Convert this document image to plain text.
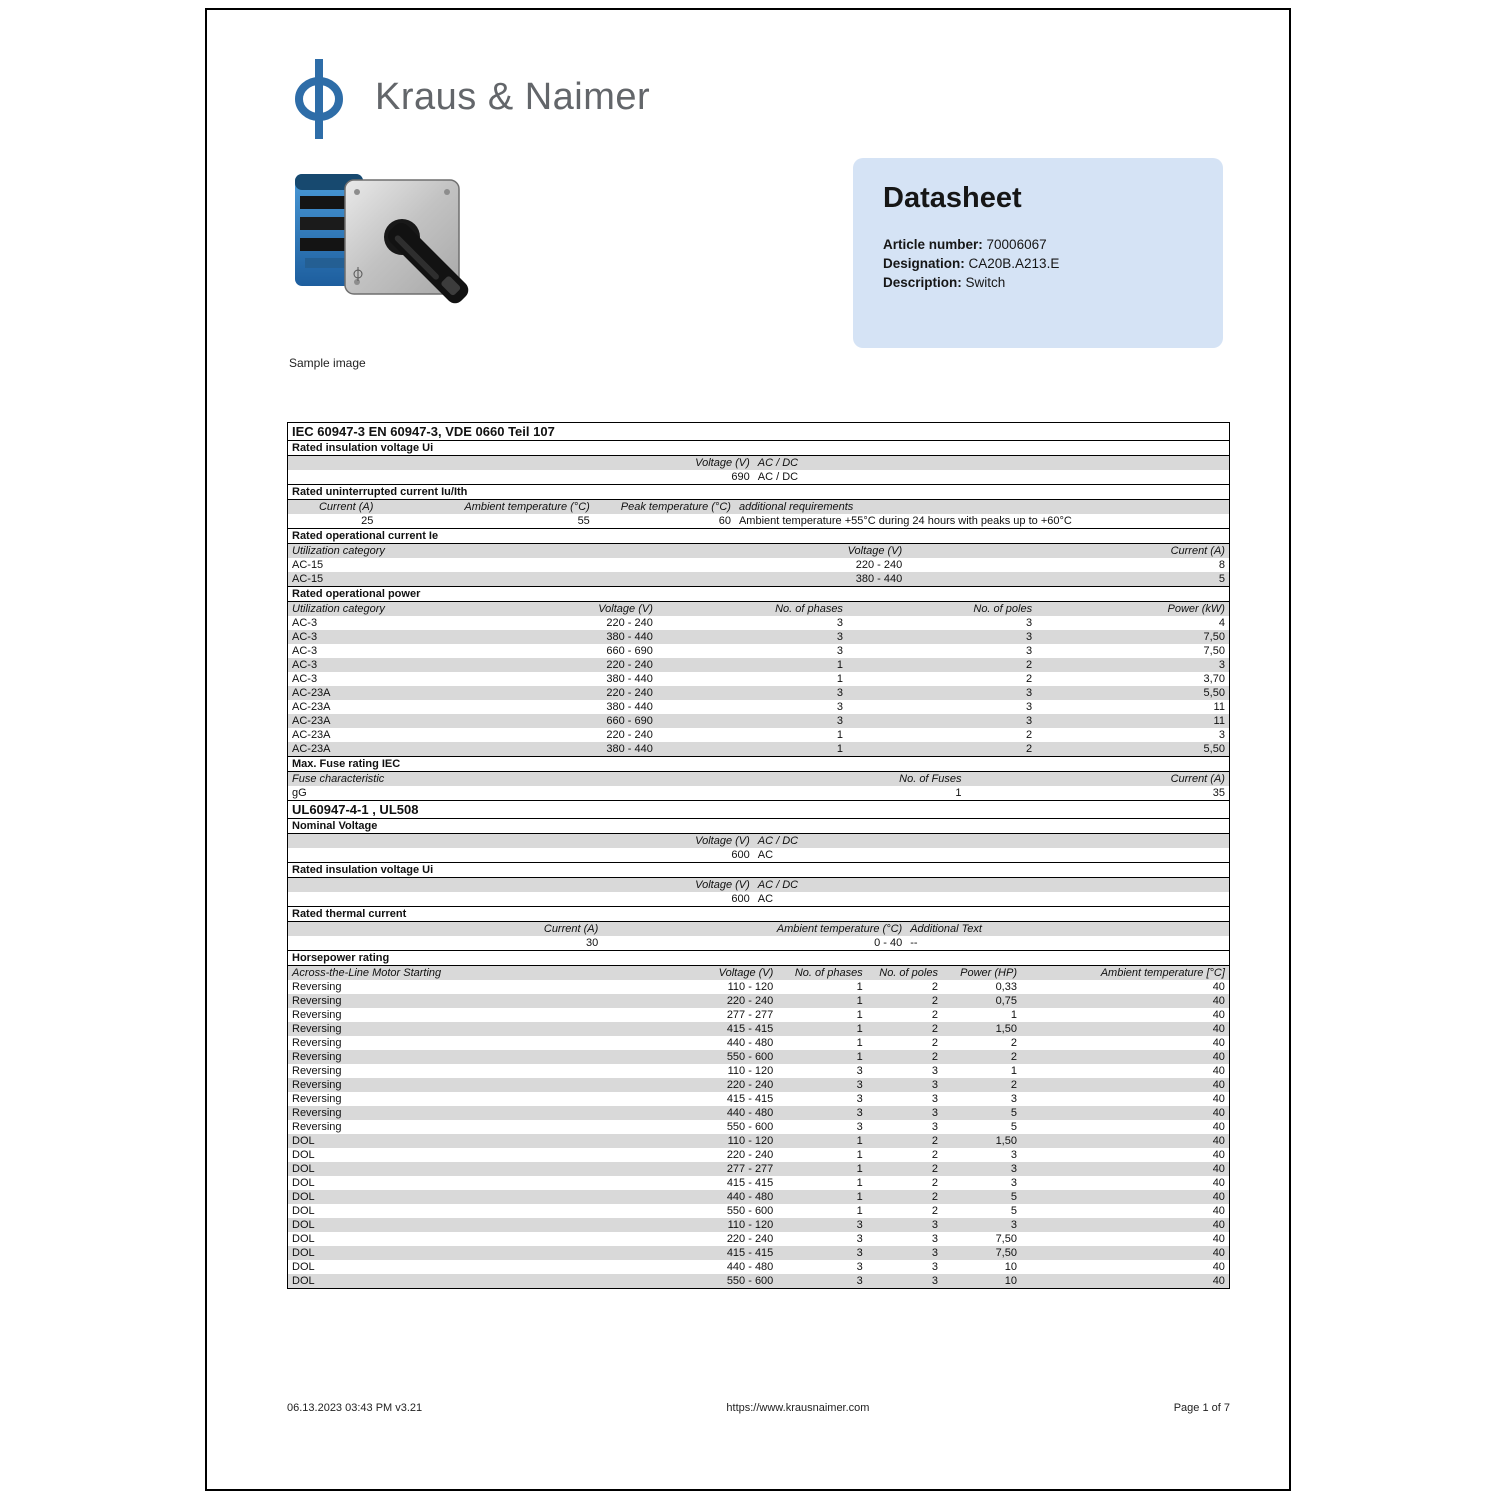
Kraus & Naimer
Sample image
Datasheet
Article number: 70006067
Designation: CA20B.A213.E
Description: Switch
IEC 60947-3 EN 60947-3, VDE 0660 Teil 107
Rated insulation voltage Ui
Voltage (V) AC / DC
690 AC / DC
Rated uninterrupted current Iu/Ith
Current (A)	Ambient temperature (°C)	Peak temperature (°C) additional requirements
25	55	60 Ambient temperature +55°C during 24 hours with peaks up to +60°C
Rated operational current Ie
Utilization category	Voltage (V)	Current (A)
AC-15	220 - 240	8
AC-15	380 - 440	5
Rated operational power
Utilization category	Voltage (V)	No. of phases	No. of poles	Power (kW)
AC-3	220 - 240	3	3	4
AC-3	380 - 440	3	3	7,50
AC-3	660 - 690	3	3	7,50
AC-3	220 - 240	1	2	3
AC-3	380 - 440	1	2	3,70
AC-23A	220 - 240	3	3	5,50
AC-23A	380 - 440	3	3	11
AC-23A	660 - 690	3	3	11
AC-23A	220 - 240	1	2	3
AC-23A	380 - 440	1	2	5,50
Max. Fuse rating IEC
Fuse characteristic	No. of Fuses	Current (A)
gG	1	35
UL60947-4-1 , UL508
Nominal Voltage
Voltage (V) AC / DC
600 AC
Rated insulation voltage Ui
Voltage (V) AC / DC
600 AC
Rated thermal current
Current (A)	Ambient temperature (°C) Additional Text
30	0 - 40 --
Horsepower rating
Across-the-Line Motor Starting	Voltage (V)	No. of phases	No. of poles	Power (HP)	Ambient temperature [°C]
Reversing	110 - 120	1	2	0,33	40
Reversing	220 - 240	1	2	0,75	40
Reversing	277 - 277	1	2	1	40
Reversing	415 - 415	1	2	1,50	40
Reversing	440 - 480	1	2	2	40
Reversing	550 - 600	1	2	2	40
Reversing	110 - 120	3	3	1	40
Reversing	220 - 240	3	3	2	40
Reversing	415 - 415	3	3	3	40
Reversing	440 - 480	3	3	5	40
Reversing	550 - 600	3	3	5	40
DOL	110 - 120	1	2	1,50	40
DOL	220 - 240	1	2	3	40
DOL	277 - 277	1	2	3	40
DOL	415 - 415	1	2	3	40
DOL	440 - 480	1	2	5	40
DOL	550 - 600	1	2	5	40
DOL	110 - 120	3	3	3	40
DOL	220 - 240	3	3	7,50	40
DOL	415 - 415	3	3	7,50	40
DOL	440 - 480	3	3	10	40
DOL	550 - 600	3	3	10	40
06.13.2023 03:43 PM v3.21	https://www.krausnaimer.com	Page 1 of 7
